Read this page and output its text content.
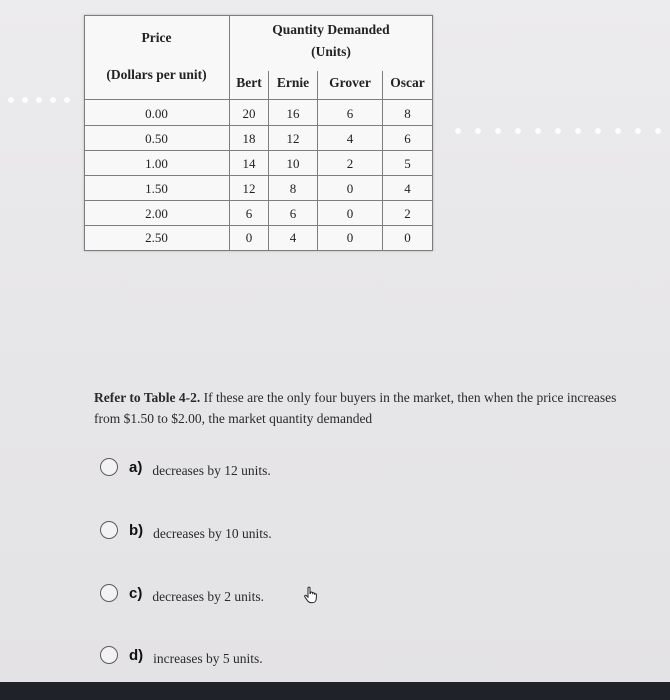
Price
(Dollars per unit)
Quantity Demanded
(Units)
Bert	Ernie	Grover	Oscar
0.00	20	16	6	8
0.50	18	12	4	6
1.00	14	10	2	5
1.50	12	8	0	4
2.00	6	6	0	2
2.50	0	4	0	0
Refer to Table 4-2. If these are the only four buyers in the market, then when the price increases from $1.50 to $2.00, the market quantity demanded
a) decreases by 12 units.
b) decreases by 10 units.
c) decreases by 2 units.
d) increases by 5 units.
